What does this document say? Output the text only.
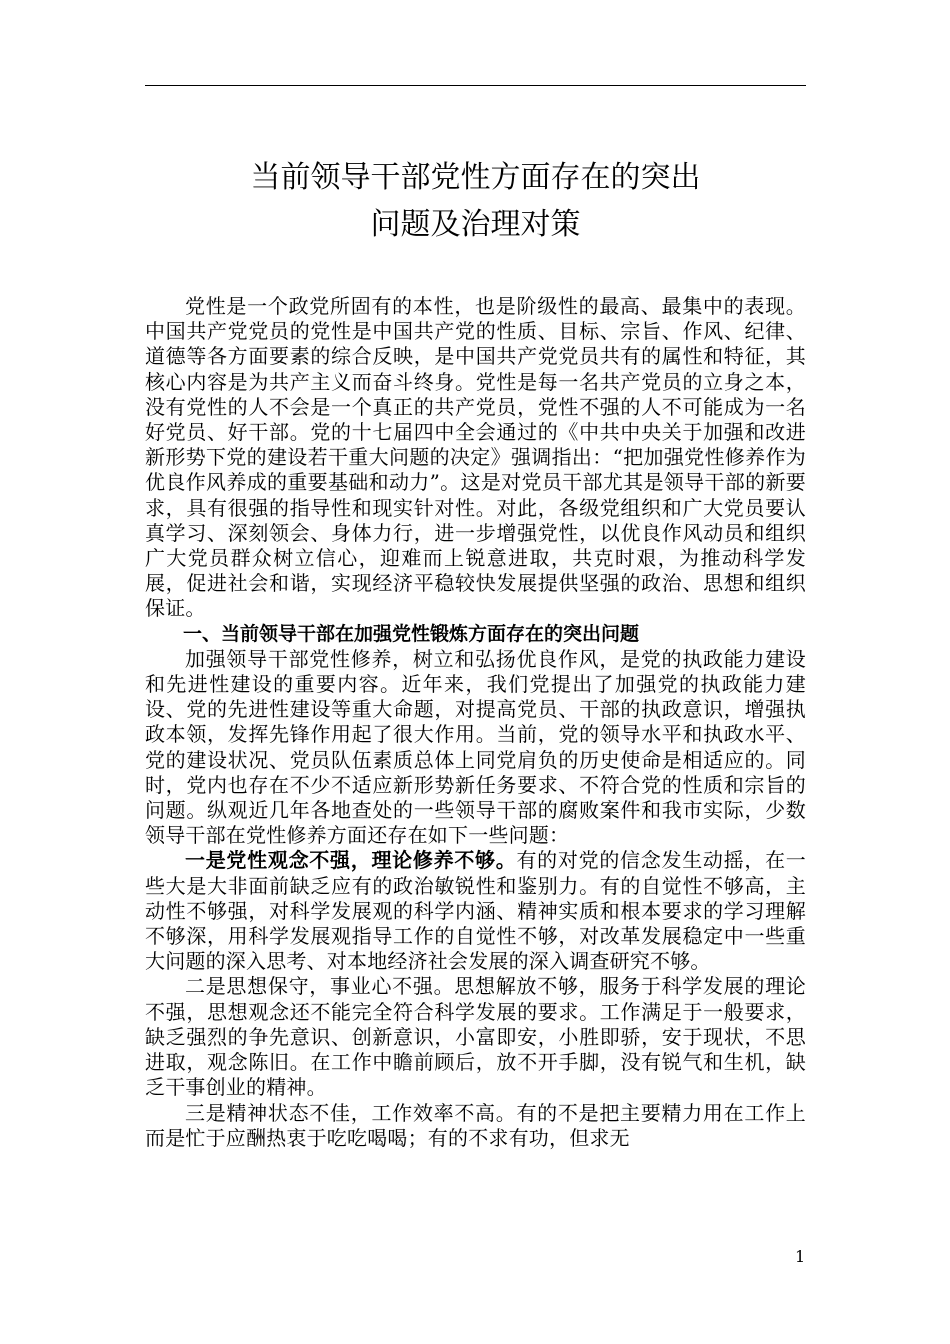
当前领导干部党性方面存在的突出
问题及治理对策

党性是一个政党所固有的本性，也是阶级性的最高、最集中的表现。中国共产党党员的党性是中国共产党的性质、目标、宗旨、作风、纪律、道德等各方面要素的综合反映，是中国共产党党员共有的属性和特征，其核心内容是为共产主义而奋斗终身。党性是每一名共产党员的立身之本，没有党性的人不会是一个真正的共产党员，党性不强的人不可能成为一名好党员、好干部。党的十七届四中全会通过的《中共中央关于加强和改进新形势下党的建设若干重大问题的决定》强调指出：“把加强党性修养作为优良作风养成的重要基础和动力”。这是对党员干部尤其是领导干部的新要求，具有很强的指导性和现实针对性。对此，各级党组织和广大党员要认真学习、深刻领会、身体力行，进一步增强党性，以优良作风动员和组织广大党员群众树立信心，迎难而上锐意进取，共克时艰，为推动科学发展，促进社会和谐，实现经济平稳较快发展提供坚强的政治、思想和组织保证。

一、当前领导干部在加强党性锻炼方面存在的突出问题

加强领导干部党性修养，树立和弘扬优良作风，是党的执政能力建设和先进性建设的重要内容。近年来，我们党提出了加强党的执政能力建设、党的先进性建设等重大命题，对提高党员、干部的执政意识，增强执政本领，发挥先锋作用起了很大作用。当前，党的领导水平和执政水平、党的建设状况、党员队伍素质总体上同党肩负的历史使命是相适应的。同时，党内也存在不少不适应新形势新任务要求、不符合党的性质和宗旨的问题。纵观近几年各地查处的一些领导干部的腐败案件和我市实际，少数领导干部在党性修养方面还存在如下一些问题：

一是党性观念不强，理论修养不够。有的对党的信念发生动摇，在一些大是大非面前缺乏应有的政治敏锐性和鉴别力。有的自觉性不够高，主动性不够强，对科学发展观的科学内涵、精神实质和根本要求的学习理解不够深，用科学发展观指导工作的自觉性不够，对改革发展稳定中一些重大问题的深入思考、对本地经济社会发展的深入调查研究不够。

二是思想保守，事业心不强。思想解放不够，服务于科学发展的理论不强，思想观念还不能完全符合科学发展的要求。工作满足于一般要求，缺乏强烈的争先意识、创新意识，小富即安，小胜即骄，安于现状，不思进取，观念陈旧。在工作中瞻前顾后，放不开手脚，没有锐气和生机，缺乏干事创业的精神。

三是精神状态不佳，工作效率不高。有的不是把主要精力用在工作上而是忙于应酬热衷于吃吃喝喝；有的不求有功，但求无

1
